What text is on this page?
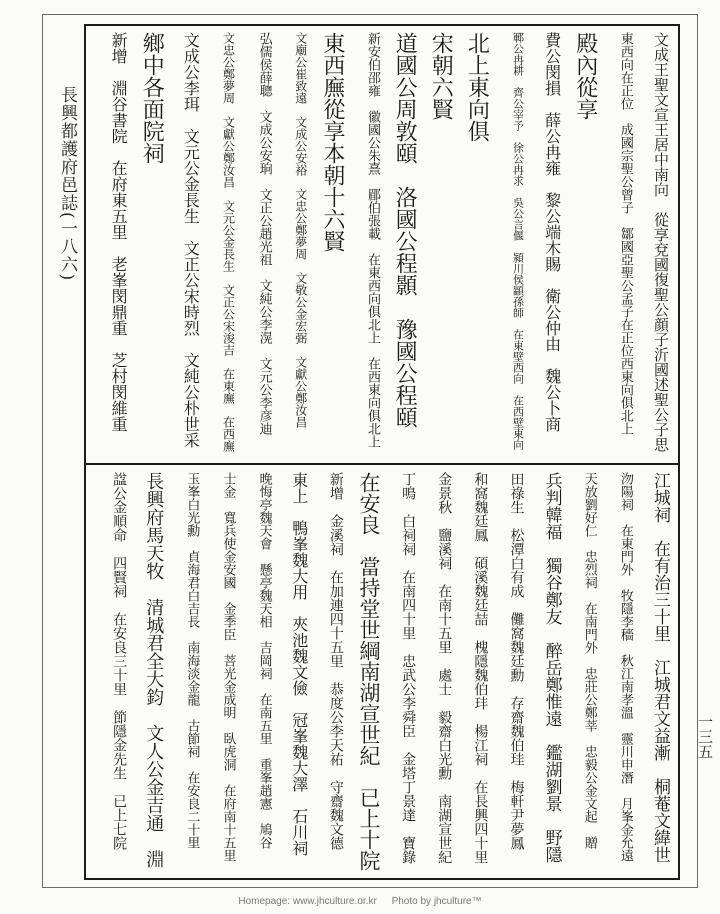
長興都護府邑誌(一八六)
一三五
文成王聖文宣王居中南向　從享兗國復聖公顔子沂國述聖公子思
東西向在正位　成國宗聖公曾子　鄒國亞聖公孟子在正位西東向俱北上
殿內從享
費公閔損　薛公冉雍　黎公端木賜　衛公仲由　魏公卜商
鄆公冉耕　齊公宰予　徐公冉求　吳公言偃　潁川侯顓孫師　在東壁西向　在西壁東向
北上東向俱
宋朝六賢
道國公周敦頤　洛國公程顥　豫國公程頤
新安伯邵雍　徽國公朱熹　郿伯張載　在東西向俱北上　在西東向俱北上
東西廡從享本朝十六賢
文廟公崔致遠　文成公安裕　文忠公鄭夢周　文敬公金宏弼　文獻公鄭汝昌
弘儒侯薛聰　文成公安珦　文正公趙光祖　文純公李滉　文元公李彦迪
文忠公鄭夢周　文獻公鄭汝昌　文元公金長生　文正公宋浚吉　在東廡　在西廡
文成公李珥　文元公金長生　文正公宋時烈　文純公朴世采
鄉中各面院祠
新增　淵谷書院　在府東五里　老峯閔鼎重　芝村閔維重
江城祠　在有治三十里　江城君文益漸　桐菴文緯世
沕陽祠　在東門外　牧隱李穡　秋江南孝溫　靈川申潛　月峯金允遠
天放劉好仁　忠烈祠　在南門外　忠莊公鄭莘　忠毅公金文起　贈
兵判韓福　獨谷鄭友　醉岳鄭惟遠　鑑湖劉景　野隱
田祿生　松潭白有成　儺窩魏廷勳　存齋魏伯珪　梅軒尹夢鳳
和窩魏廷鳳　碩溪魏廷喆　槐隱魏伯玤　楊江祠　在長興四十里
金景秋　鹽溪祠　在南十五里　處士　毅齋白光勳　南湖宣世紀
丁鳴　白祠祠　在南四十里　忠武公李舜臣　金塔丁景達　寶錄
在安良　當持堂世綱南湖宣世紀　已上十院
新增　金溪祠　在加連四十五里　恭度公李天祐　守齋魏文德
東上　鴨峯魏大用　夾池魏文儉　冠峯魏大澤　石川祠
晚悔亭魏天會　懸亭魏天相　吉岡祠　在南五里　重峯趙憲　鳩谷
士金　寬兵使金安國　金季臣　菩光金成明　臥虎洞　在府南十五里
玉峯白光勳　貞海君白吉長　南海淡金龍　古節祠　在安良二十里
長興府馬天牧　清城君全大鈞　文人公金吉通　淵
諡公金順命　四賢祠　在安良三十里　節隱金先生　已上七院
Homepage: www.jhculture.or.kr Photo by jhculture™
